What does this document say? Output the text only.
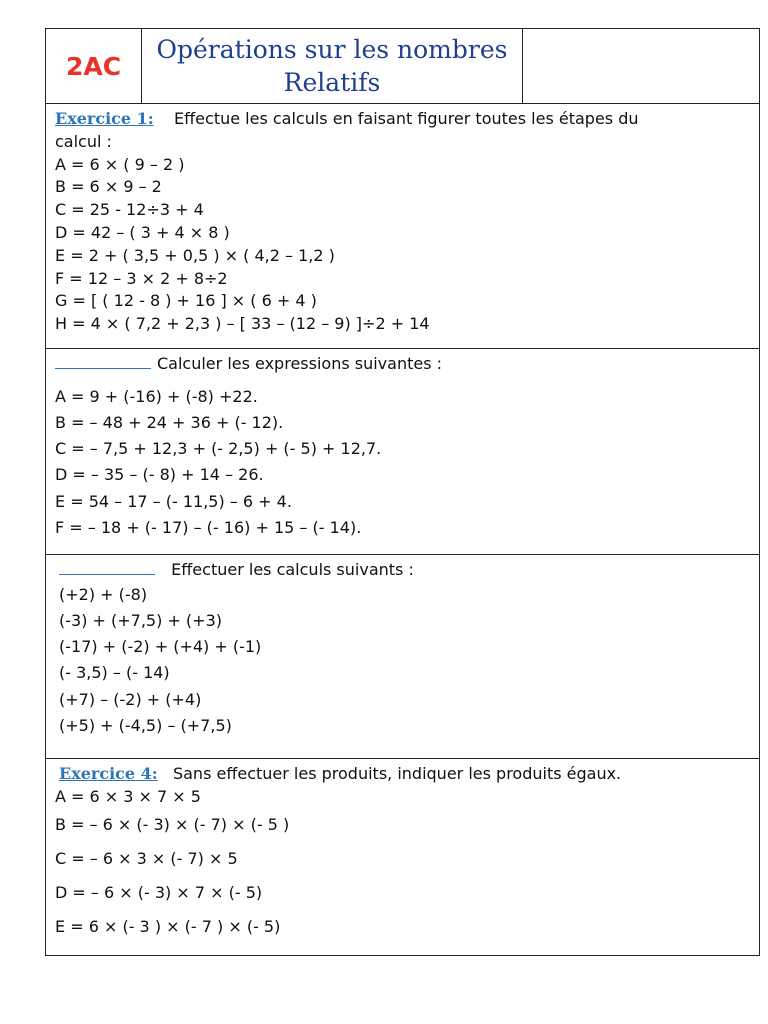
2AC
Opérations sur les nombres
Relatifs
Exercice 1: Effectue les calculs en faisant figurer toutes les étapes du
calcul :
A = 6 × ( 9 – 2 )
B = 6 × 9 – 2
C = 25 - 12÷3 + 4
D = 42 – ( 3 + 4 × 8 )
E = 2 + ( 3,5 + 0,5 ) × ( 4,2 – 1,2 )
F = 12 – 3 × 2 + 8÷2
G = [ ( 12 - 8 ) + 16 ] × ( 6 + 4 )
H = 4 × ( 7,2 + 2,3 ) – [ 33 – (12 – 9) ]÷2 + 14
Calculer les expressions suivantes :
A = 9 + (-16) + (-8) +22.
B = – 48 + 24 + 36 + (- 12).
C = – 7,5 + 12,3 + (- 2,5) + (- 5) + 12,7.
D = – 35 – (- 8) + 14 – 26.
E = 54 – 17 – (- 11,5) – 6 + 4.
F = – 18 + (- 17) – (- 16) + 15 – (- 14).
Effectuer les calculs suivants :
(+2) + (-8)
(-3) + (+7,5) + (+3)
(-17) + (-2) + (+4) + (-1)
(- 3,5) – (- 14)
(+7) – (-2) + (+4)
(+5) + (-4,5) – (+7,5)
Exercice 4: Sans effectuer les produits, indiquer les produits égaux.
A = 6 × 3 × 7 × 5
B = – 6 × (- 3) × (- 7) × (- 5 )
C = – 6 × 3 × (- 7) × 5
D = – 6 × (- 3) × 7 × (- 5)
E = 6 × (- 3 ) × (- 7 ) × (- 5)
